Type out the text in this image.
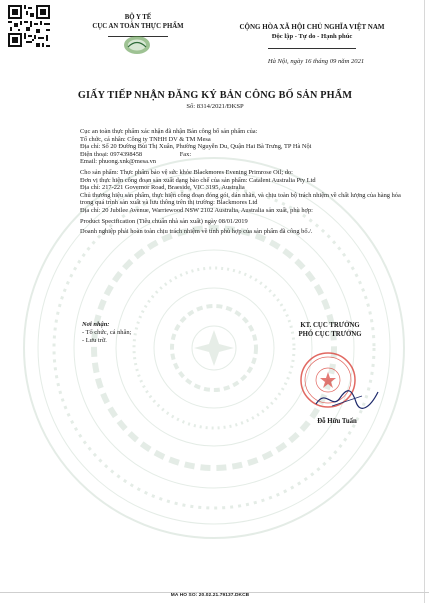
BỘ Y TẾ
CỤC AN TOÀN THỰC PHẨM	CỘNG HÒA XÃ HỘI CHỦ NGHĨA VIỆT NAM
Độc lập - Tự do - Hạnh phúc
Hà Nội, ngày 16 tháng 09 năm 2021
GIẤY TIẾP NHẬN ĐĂNG KÝ BẢN CÔNG BỐ SẢN PHẨM
Số: 8314/2021/ĐKSP

Cục an toàn thực phẩm xác nhận đã nhận Bản công bố sản phẩm của:

Tổ chức, cá nhân: Công ty TNHH DV & TM Mesa

Địa chỉ: Số 20 Đường Bùi Thị Xuân, Phường Nguyễn Du, Quận Hai Bà Trưng, TP Hà Nội

Điện thoại: 0974398458	Fax:

Email: phuong.xnk@mesa.vn

Cho sản phẩm: Thực phẩm bảo vệ sức khỏe Blackmores Evening Primrose Oil; do:

Đơn vị thực hiện công đoạn sản xuất dạng bào chế của sản phẩm: Catalent Australia Pty Ltd

Địa chỉ: 217-221 Governor Road, Braeside, VIC 3195, Australia

Chủ thương hiệu sản phẩm, thực hiện công đoạn đóng gói, dán nhãn, và chịu toàn bộ trách nhiệm về chất lượng của hàng hóa trong quá trình sản xuất và lưu thông trên thị trường: Blackmores Ltd

Địa chỉ: 20 Jubilee Avenue, Warriewood NSW 2102 Australia, Australia sản xuất, phù hợp:

Product Specification (Tiêu chuẩn nhà sản xuất) ngày 08/01/2019

Doanh nghiệp phải hoàn toàn chịu trách nhiệm về tính phù hợp của sản phẩm đã công bố./.

Nơi nhận:
- Tổ chức, cá nhân;
- Lưu trữ.
KT. CỤC TRƯỞNG
PHÓ CỤC TRƯỞNG
Đỗ Hữu Tuấn
MA HO SO: 20.02.21.79137.DKCB
